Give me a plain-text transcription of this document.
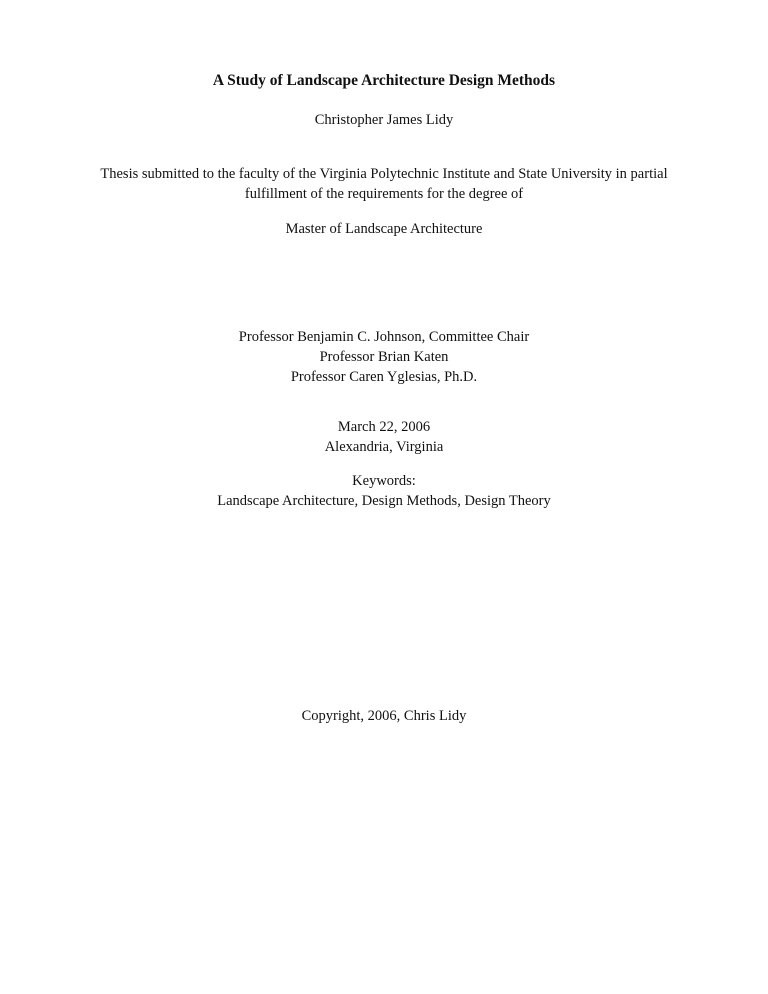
A Study of Landscape Architecture Design Methods
Christopher James Lidy
Thesis submitted to the faculty of the Virginia Polytechnic Institute and State University in partial
fulfillment of the requirements for the degree of
Master of Landscape Architecture
Professor Benjamin C. Johnson, Committee Chair
Professor Brian Katen
Professor Caren Yglesias, Ph.D.
March 22, 2006
Alexandria, Virginia
Keywords:
Landscape Architecture, Design Methods, Design Theory
Copyright, 2006, Chris Lidy
